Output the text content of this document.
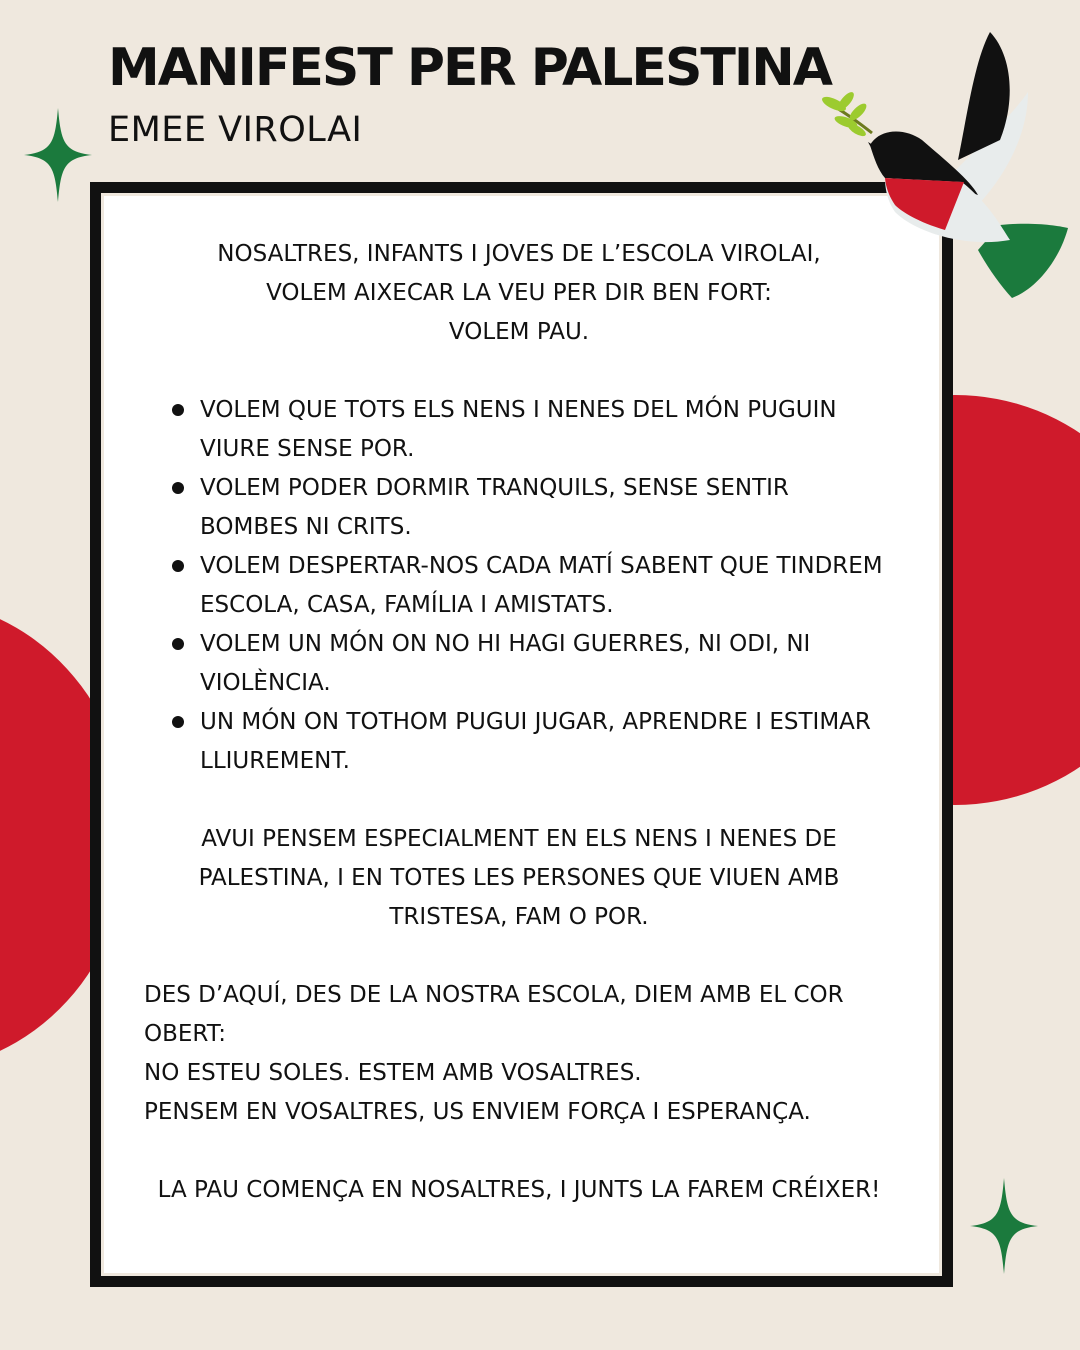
MANIFEST PER PALESTINA
EMEE VIROLAI

NOSALTRES, INFANTS I JOVES DE L’ESCOLA VIROLAI,
VOLEM AIXECAR LA VEU PER DIR BEN FORT:
VOLEM PAU.

VOLEM QUE TOTS ELS NENS I NENES DEL MÓN PUGUIN VIURE SENSE POR.
VOLEM PODER DORMIR TRANQUILS, SENSE SENTIR BOMBES NI CRITS.
VOLEM DESPERTAR-NOS CADA MATÍ SABENT QUE TINDREM ESCOLA, CASA, FAMÍLIA I AMISTATS.
VOLEM UN MÓN ON NO HI HAGI GUERRES, NI ODI, NI VIOLÈNCIA.
UN MÓN ON TOTHOM PUGUI JUGAR, APRENDRE I ESTIMAR LLIUREMENT.

AVUI PENSEM ESPECIALMENT EN ELS NENS I NENES DE PALESTINA, I EN TOTES LES PERSONES QUE VIUEN AMB TRISTESA, FAM O POR.

DES D’AQUÍ, DES DE LA NOSTRA ESCOLA, DIEM AMB EL COR OBERT:
NO ESTEU SOLES. ESTEM AMB VOSALTRES.
PENSEM EN VOSALTRES, US ENVIEM FORÇA I ESPERANÇA.

LA PAU COMENÇA EN NOSALTRES, I JUNTS LA FAREM CRÉIXER!
